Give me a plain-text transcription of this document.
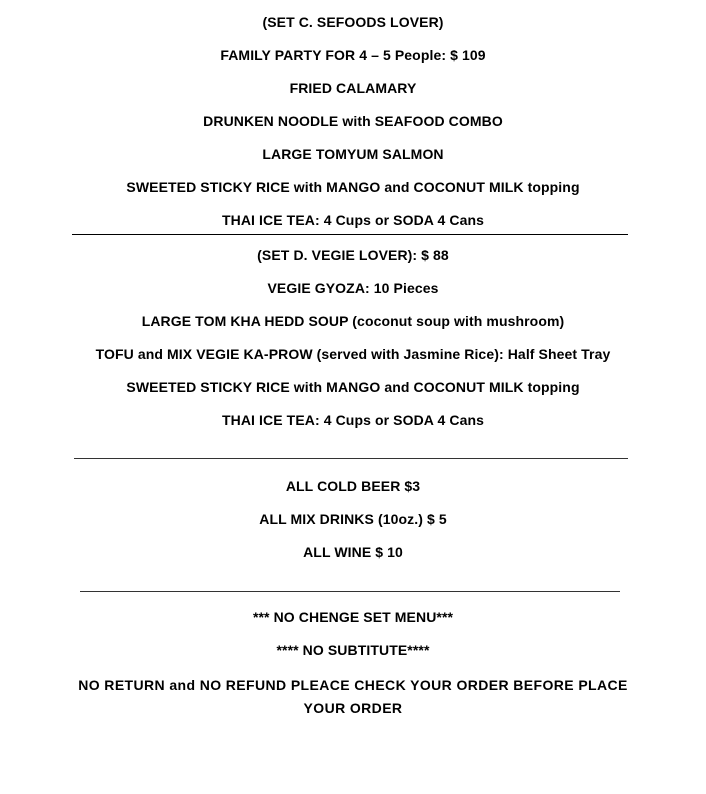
(SET C. SEFOODS LOVER)
FAMILY PARTY FOR 4 – 5 People: $ 109
FRIED CALAMARY
DRUNKEN NOODLE with SEAFOOD COMBO
LARGE TOMYUM SALMON
SWEETED STICKY RICE with MANGO and COCONUT MILK topping
THAI ICE TEA: 4 Cups or SODA 4 Cans
(SET D. VEGIE LOVER): $ 88
VEGIE GYOZA: 10 Pieces
LARGE TOM KHA HEDD SOUP (coconut soup with mushroom)
TOFU and MIX VEGIE KA-PROW (served with Jasmine Rice): Half Sheet Tray
SWEETED STICKY RICE with MANGO and COCONUT MILK topping
THAI ICE TEA: 4 Cups or SODA 4 Cans
ALL COLD BEER $3
ALL MIX DRINKS (10oz.) $ 5
ALL WINE $ 10
*** NO CHENGE SET MENU***
**** NO SUBTITUTE****
NO RETURN and NO REFUND PLEACE CHECK YOUR ORDER BEFORE PLACE YOUR ORDER
